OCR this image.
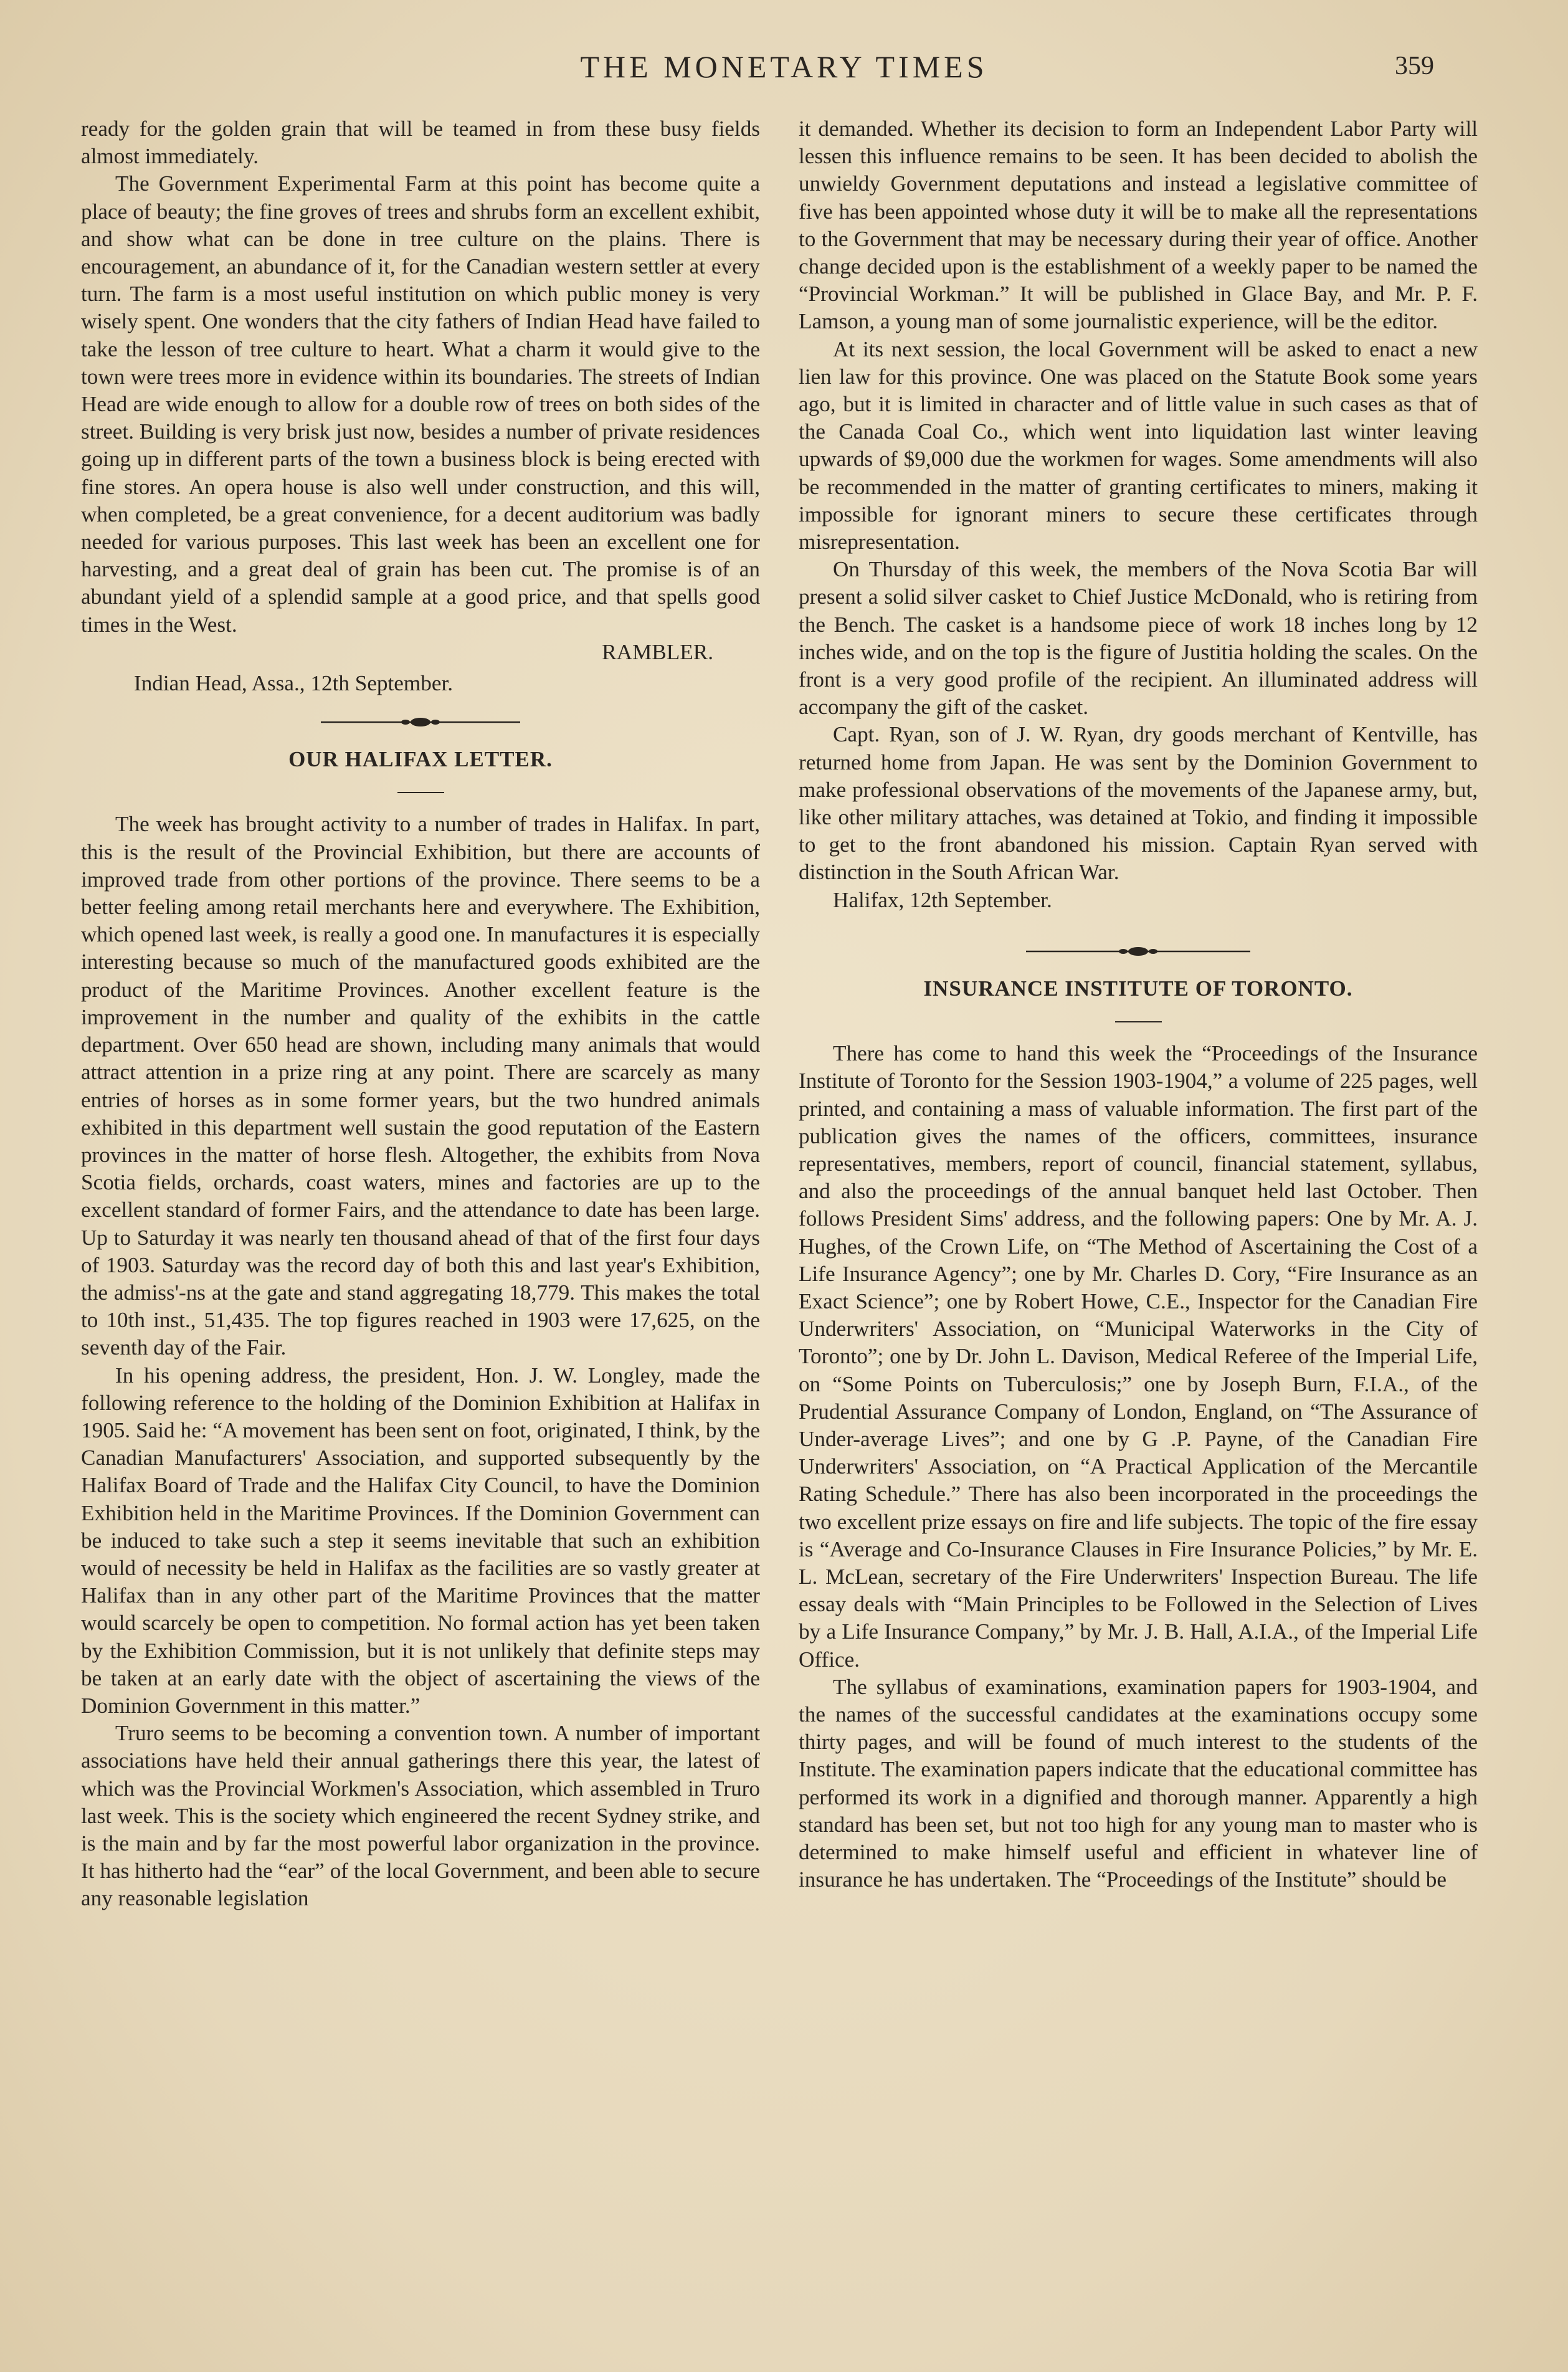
THE MONETARY TIMES	359

ready for the golden grain that will be teamed in from these busy fields almost immediately.

The Government Experimental Farm at this point has become quite a place of beauty; the fine groves of trees and shrubs form an excellent exhibit, and show what can be done in tree culture on the plains. There is encouragement, an abundance of it, for the Canadian western settler at every turn. The farm is a most useful institution on which public money is very wisely spent. One wonders that the city fathers of Indian Head have failed to take the lesson of tree culture to heart. What a charm it would give to the town were trees more in evidence within its boundaries. The streets of Indian Head are wide enough to allow for a double row of trees on both sides of the street. Building is very brisk just now, besides a number of private residences going up in different parts of the town a business block is being erected with fine stores. An opera house is also well under construction, and this will, when completed, be a great convenience, for a decent auditorium was badly needed for various purposes. This last week has been an excellent one for harvesting, and a great deal of grain has been cut. The promise is of an abundant yield of a splendid sample at a good price, and that spells good times in the West.

RAMBLER.

Indian Head, Assa., 12th September.

OUR HALIFAX LETTER.

The week has brought activity to a number of trades in Halifax. In part, this is the result of the Provincial Exhibition, but there are accounts of improved trade from other portions of the province. There seems to be a better feeling among retail merchants here and everywhere. The Exhibition, which opened last week, is really a good one. In manufactures it is especially interesting because so much of the manufactured goods exhibited are the product of the Maritime Provinces. Another excellent feature is the improvement in the number and quality of the exhibits in the cattle department. Over 650 head are shown, including many animals that would attract attention in a prize ring at any point. There are scarcely as many entries of horses as in some former years, but the two hundred animals exhibited in this department well sustain the good reputation of the Eastern provinces in the matter of horse flesh. Altogether, the exhibits from Nova Scotia fields, orchards, coast waters, mines and factories are up to the excellent standard of former Fairs, and the attendance to date has been large. Up to Saturday it was nearly ten thousand ahead of that of the first four days of 1903. Saturday was the record day of both this and last year's Exhibition, the admiss'-ns at the gate and stand aggregating 18,779. This makes the total to 10th inst., 51,435. The top figures reached in 1903 were 17,625, on the seventh day of the Fair.

In his opening address, the president, Hon. J. W. Longley, made the following reference to the holding of the Dominion Exhibition at Halifax in 1905. Said he: “A movement has been sent on foot, originated, I think, by the Canadian Manufacturers' Association, and supported subsequently by the Halifax Board of Trade and the Halifax City Council, to have the Dominion Exhibition held in the Maritime Provinces. If the Dominion Government can be induced to take such a step it seems inevitable that such an exhibition would of necessity be held in Halifax as the facilities are so vastly greater at Halifax than in any other part of the Maritime Provinces that the matter would scarcely be open to competition. No formal action has yet been taken by the Exhibition Commission, but it is not unlikely that definite steps may be taken at an early date with the object of ascertaining the views of the Dominion Government in this matter.”

Truro seems to be becoming a convention town. A number of important associations have held their annual gatherings there this year, the latest of which was the Provincial Workmen's Association, which assembled in Truro last week. This is the society which engineered the recent Sydney strike, and is the main and by far the most powerful labor organization in the province. It has hitherto had the “ear” of the local Government, and been able to secure any reasonable legislation

it demanded. Whether its decision to form an Independent Labor Party will lessen this influence remains to be seen. It has been decided to abolish the unwieldy Government deputations and instead a legislative committee of five has been appointed whose duty it will be to make all the representations to the Government that may be necessary during their year of office. Another change decided upon is the establishment of a weekly paper to be named the “Provincial Workman.” It will be published in Glace Bay, and Mr. P. F. Lamson, a young man of some journalistic experience, will be the editor.

At its next session, the local Government will be asked to enact a new lien law for this province. One was placed on the Statute Book some years ago, but it is limited in character and of little value in such cases as that of the Canada Coal Co., which went into liquidation last winter leaving upwards of $9,000 due the workmen for wages. Some amendments will also be recommended in the matter of granting certificates to miners, making it impossible for ignorant miners to secure these certificates through misrepresentation.

On Thursday of this week, the members of the Nova Scotia Bar will present a solid silver casket to Chief Justice McDonald, who is retiring from the Bench. The casket is a handsome piece of work 18 inches long by 12 inches wide, and on the top is the figure of Justitia holding the scales. On the front is a very good profile of the recipient. An illuminated address will accompany the gift of the casket.

Capt. Ryan, son of J. W. Ryan, dry goods merchant of Kentville, has returned home from Japan. He was sent by the Dominion Government to make professional observations of the movements of the Japanese army, but, like other military attaches, was detained at Tokio, and finding it impossible to get to the front abandoned his mission. Captain Ryan served with distinction in the South African War.

Halifax, 12th September.

INSURANCE INSTITUTE OF TORONTO.

There has come to hand this week the “Proceedings of the Insurance Institute of Toronto for the Session 1903-1904,” a volume of 225 pages, well printed, and containing a mass of valuable information. The first part of the publication gives the names of the officers, committees, insurance representatives, members, report of council, financial statement, syllabus, and also the proceedings of the annual banquet held last October. Then follows President Sims' address, and the following papers: One by Mr. A. J. Hughes, of the Crown Life, on “The Method of Ascertaining the Cost of a Life Insurance Agency”; one by Mr. Charles D. Cory, “Fire Insurance as an Exact Science”; one by Robert Howe, C.E., Inspector for the Canadian Fire Underwriters' Association, on “Municipal Waterworks in the City of Toronto”; one by Dr. John L. Davison, Medical Referee of the Imperial Life, on “Some Points on Tuberculosis;” one by Joseph Burn, F.I.A., of the Prudential Assurance Company of London, England, on “The Assurance of Under-average Lives”; and one by G .P. Payne, of the Canadian Fire Underwriters' Association, on “A Practical Application of the Mercantile Rating Schedule.” There has also been incorporated in the proceedings the two excellent prize essays on fire and life subjects. The topic of the fire essay is “Average and Co-Insurance Clauses in Fire Insurance Policies,” by Mr. E. L. McLean, secretary of the Fire Underwriters' Inspection Bureau. The life essay deals with “Main Principles to be Followed in the Selection of Lives by a Life Insurance Company,” by Mr. J. B. Hall, A.I.A., of the Imperial Life Office.

The syllabus of examinations, examination papers for 1903-1904, and the names of the successful candidates at the examinations occupy some thirty pages, and will be found of much interest to the students of the Institute. The examination papers indicate that the educational committee has performed its work in a dignified and thorough manner. Apparently a high standard has been set, but not too high for any young man to master who is determined to make himself useful and efficient in whatever line of insurance he has undertaken. The “Proceedings of the Institute” should be
